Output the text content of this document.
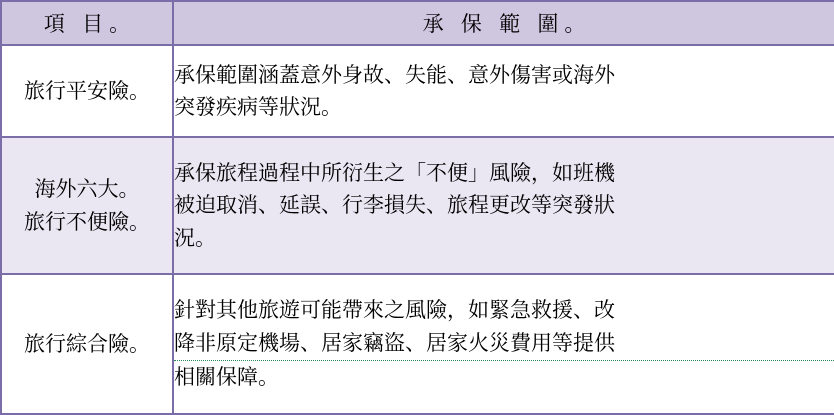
項 目。	承 保 範 圍。

旅行平安險。	承保範圍涵蓋意外身故、失能、意外傷害或海外
突發疾病等狀況。

海外六大。
旅行不便險。	承保旅程過程中所衍生之「不便」風險，如班機
被迫取消、延誤、行李損失、旅程更改等突發狀
況。

旅行綜合險。	針對其他旅遊可能帶來之風險，如緊急救援、改
降非原定機場、居家竊盜、居家火災費用等提供
相關保障。
